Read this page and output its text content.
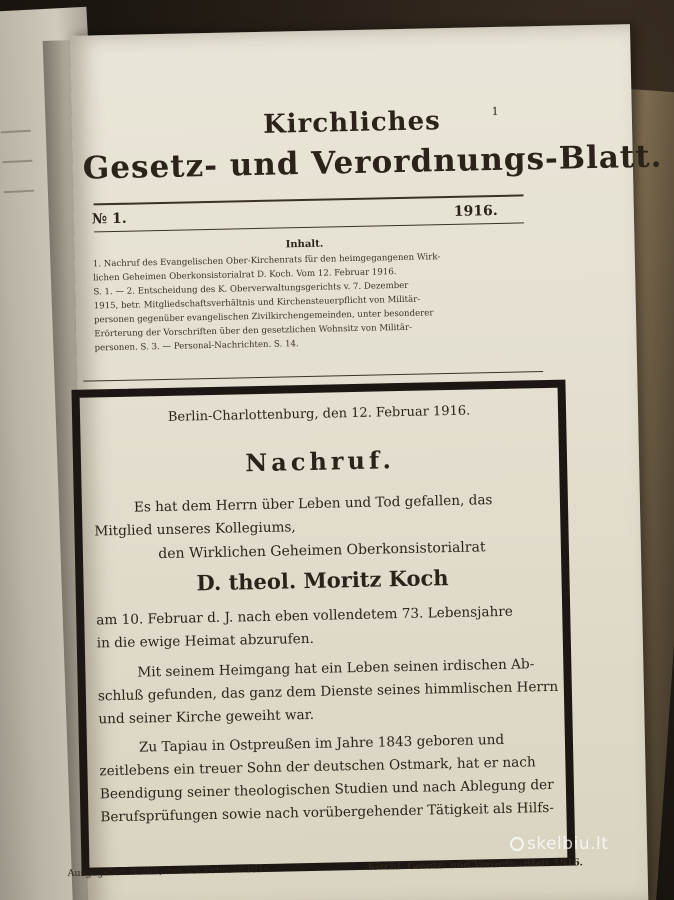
1
Kirchliches
Gesetz- und Verordnungs-Blatt.
№ 1.	1916.
Inhalt.
1. Nachruf des Evangelischen Ober-Kirchenrats für den heimgegangenen Wirk-
lichen Geheimen Oberkonsistorialrat D. Koch. Vom 12. Februar 1916.
S. 1. — 2. Entscheidung des K. Oberverwaltungsgerichts v. 7. Dezember
1915, betr. Mitgliedschaftsverhältnis und Kirchensteuerpflicht von Militär-
personen gegenüber evangelischen Zivilkirchengemeinden, unter besonderer
Erörterung der Vorschriften über den gesetzlichen Wohnsitz von Militär-
personen. S. 3. — Personal-Nachrichten. S. 14.
Berlin-Charlottenburg, den 12. Februar 1916.
Nachruf.
Es hat dem Herrn über Leben und Tod gefallen, das
Mitglied unseres Kollegiums,
den Wirklichen Geheimen Oberkonsistorialrat
D. theol. Moritz Koch
am 10. Februar d. J. nach eben vollendetem 73. Lebensjahre
in die ewige Heimat abzurufen.
Mit seinem Heimgang hat ein Leben seinen irdischen Ab-
schluß gefunden, das ganz dem Dienste seines himmlischen Herrn
und seiner Kirche geweiht war.
Zu Tapiau in Ostpreußen im Jahre 1843 geboren und
zeitlebens ein treuer Sohn der deutschen Ostmark, hat er nach
Beendigung seiner theologischen Studien und nach Ablegung der
Berufsprüfungen sowie nach vorübergehender Tätigkeit als Hilfs-
Ausgegeben Berlin, den 25. Februar 1916.	Kirchl. Gesetz- und Verordn.-Blatt 1916.
skelbiu.lt
